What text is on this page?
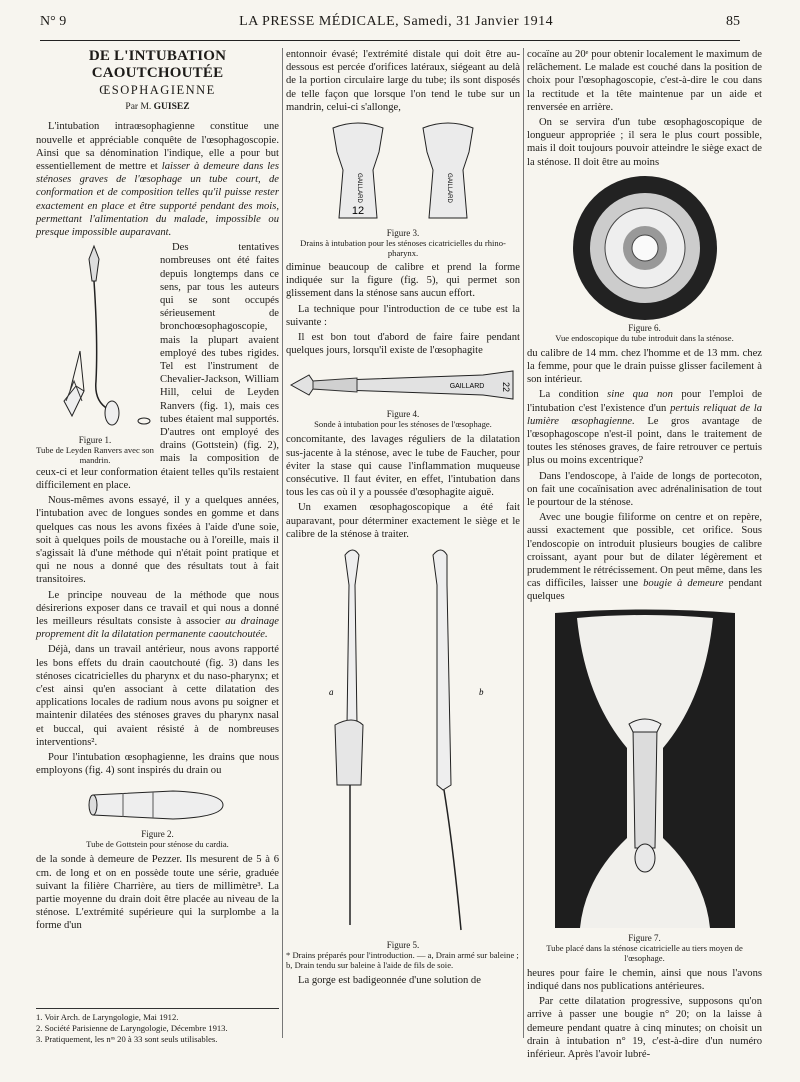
N° 9	LA PRESSE MÉDICALE, Samedi, 31 Janvier 1914	85
DE L'INTUBATION CAOUTCHOUTÉE
ŒSOPHAGIENNE
Par M. GUISEZ

L'intubation intraœsophagienne constitue une nouvelle et appréciable conquête de l'œsophagoscopie. Ainsi que sa dénomination l'indique, elle a pour but essentiellement de mettre et laisser à demeure dans les sténoses graves de l'œsophage un tube court, de conformation et de composition telles qu'il puisse rester exactement en place et être supporté pendant des mois, permettant l'alimentation du malade, impossible ou presque impossible auparavant.

Figure 1.
Tube de Leyden Ranvers avec son mandrin.

Des tentatives nombreuses ont été faites depuis longtemps dans ce sens, par tous les auteurs qui se sont occupés sérieusement de bronchoœsophagoscopie, mais la plupart avaient employé des tubes rigides. Tel est l'instrument de Chevalier-Jackson, William Hill, celui de Leyden Ranvers (fig. 1), mais ces tubes étaient mal supportés. D'autres ont employé des drains (Gottstein) (fig. 2), mais la composition de ceux-ci et leur conformation étaient telles qu'ils restaient difficilement en place.

Nous-mêmes avons essayé, il y a quelques années, l'intubation avec de longues sondes en gomme et dans quelques cas nous les avons fixées à l'aide d'une soie, soit à quelques poils de moustache ou à l'oreille, mais il s'agissait là d'une méthode qui n'était point pratique et qui ne nous a donné que des résultats tout à fait transitoires.

Le principe nouveau de la méthode que nous désirerions exposer dans ce travail et qui nous a donné les meilleurs résultats consiste à associer au drainage proprement dit la dilatation permanente caoutchoutée.

Déjà, dans un travail antérieur, nous avons rapporté les bons effets du drain caoutchouté (fig. 3) dans les sténoses cicatricielles du pharynx et du naso-pharynx; et c'est ainsi qu'en associant à cette dilatation des applications locales de radium nous avons pu soigner et maintenir dilatées des sténoses graves du pharynx nasal et buccal, qui avaient résisté à de nombreuses interventions².

Pour l'intubation œsophagienne, les drains que nous employons (fig. 4) sont inspirés du drain ou

Figure 2.
Tube de Gottstein pour sténose du cardia.

de la sonde à demeure de Pezzer. Ils mesurent de 5 à 6 cm. de long et on en possède toute une série, graduée suivant la filière Charrière, au tiers de millimètre³. La partie moyenne du drain doit être placée au niveau de la sténose. L'extrémité supérieure qui la surplombe a la forme d'un

1. Voir Arch. de Laryngologie, Mai 1912.
2. Société Parisienne de Laryngologie, Décembre 1913.
3. Pratiquement, les nᵒˢ 20 à 33 sont seuls utilisables.

entonnoir évasé; l'extrémité distale qui doit être au-dessous est percée d'orifices latéraux, siégeant au delà de la portion circulaire large du tube; ils sont disposés de telle façon que lorsque l'on tend le tube sur un mandrin, celui-ci s'allonge,

12
GAILLARD	GAILLARD
Figure 3.
Drains à intubation pour les sténoses cicatricielles du rhino-pharynx.

diminue beaucoup de calibre et prend la forme indiquée sur la figure (fig. 5), qui permet son glissement dans la sténose sans aucun effort.

La technique pour l'introduction de ce tube est la suivante :

Il est bon tout d'abord de faire faire pendant quelques jours, lorsqu'il existe de l'œsophagite

GAILLARD 22
Figure 4.
Sonde à intubation pour les sténoses de l'œsophage.

concomitante, des lavages réguliers de la dilatation sus-jacente à la sténose, avec le tube de Faucher, pour éviter la stase qui cause l'inflammation muqueuse consécutive. Il faut éviter, en effet, l'intubation dans tous les cas où il y a poussée d'œsophagite aiguë.

Un examen œsophagoscopique a été fait auparavant, pour déterminer exactement le siège et le calibre de la sténose à traiter.

a	b
Figure 5.
* Drains préparés pour l'introduction. — a, Drain armé sur baleine ; b, Drain tendu sur baleine à l'aide de fils de soie.

La gorge est badigeonnée d'une solution de

cocaïne au 20ᵉ pour obtenir localement le maximum de relâchement. Le malade est couché dans la position de choix pour l'œsophagoscopie, c'est-à-dire le cou dans la rectitude et la tête maintenue par un aide et renversée en arrière.

On se servira d'un tube œsophagoscopique de longueur appropriée ; il sera le plus court possible, mais il doit toujours pouvoir atteindre le siège exact de la sténose. Il doit être au moins

Figure 6.
Vue endoscopique du tube introduit dans la sténose.

du calibre de 14 mm. chez l'homme et de 13 mm. chez la femme, pour que le drain puisse glisser facilement à son intérieur.

La condition sine qua non pour l'emploi de l'intubation c'est l'existence d'un pertuis reliquat de la lumière œsophagienne. Le gros avantage de l'œsophagoscope n'est-il point, dans le traitement de toutes les sténoses graves, de faire retrouver ce pertuis plus ou moins excentrique?

Dans l'endoscope, à l'aide de longs de portecoton, on fait une cocaïnisation avec adrénalinisation de tout le pourtour de la sténose.

Avec une bougie filiforme on centre et on repère, aussi exactement que possible, cet orifice. Sous l'endoscopie on introduit plusieurs bougies de calibre croissant, ayant pour but de dilater légèrement et prudemment le rétrécissement. On peut même, dans les cas difficiles, laisser une bougie à demeure pendant quelques

Figure 7.
Tube placé dans la sténose cicatricielle au tiers moyen de l'œsophage.

heures pour faire le chemin, ainsi que nous l'avons indiqué dans nos publications antérieures.

Par cette dilatation progressive, supposons qu'on arrive à passer une bougie n° 20; on la laisse à demeure pendant quatre à cinq minutes; on choisit un drain à intubation n° 19, c'est-à-dire d'un numéro inférieur. Après l'avoir lubré-
